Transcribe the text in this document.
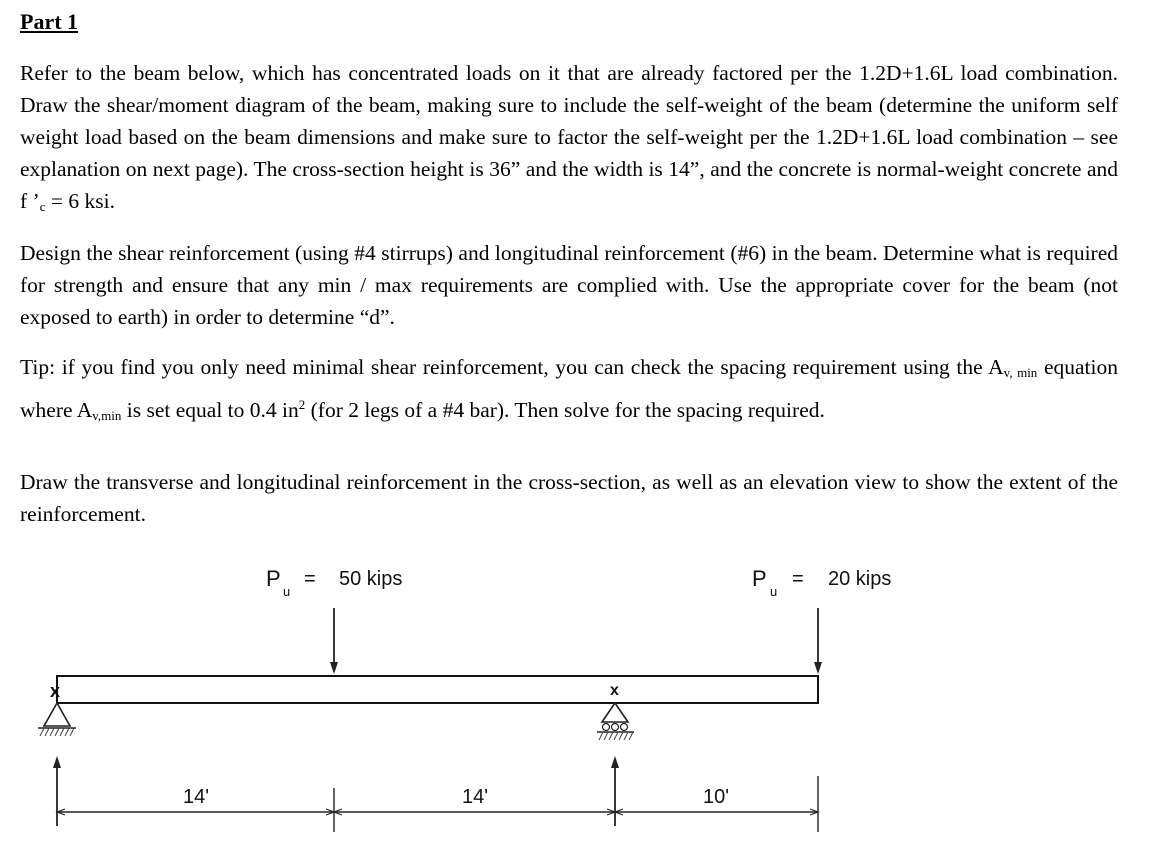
Part 1

Refer to the beam below, which has concentrated loads on it that are already factored per the 1.2D+1.6L load combination. Draw the shear/moment diagram of the beam, making sure to include the self-weight of the beam (determine the uniform self weight load based on the beam dimensions and make sure to factor the self-weight per the 1.2D+1.6L load combination – see explanation on next page). The cross-section height is 36” and the width is 14”, and the concrete is normal-weight concrete and f $’_c = 6$ ksi.

Design the shear reinforcement (using #4 stirrups) and longitudinal reinforcement (#6) in the beam. Determine what is required for strength and ensure that any min / max requirements are complied with. Use the appropriate cover for the beam (not exposed to earth) in order to determine “d”.

Tip: if you find you only need minimal shear reinforcement, you can check the spacing requirement using the $A_{v, min}$ equation where $A_{v,min}$ is set equal to 0.4 $in^2$ (for 2 legs of a #4 bar). Then solve for the spacing required.

Draw the transverse and longitudinal reinforcement in the cross-section, as well as an elevation view to show the extent of the reinforcement.

P
u
= 50 kips	P
u
= 20 kips
x	x
14'	14'	10'
